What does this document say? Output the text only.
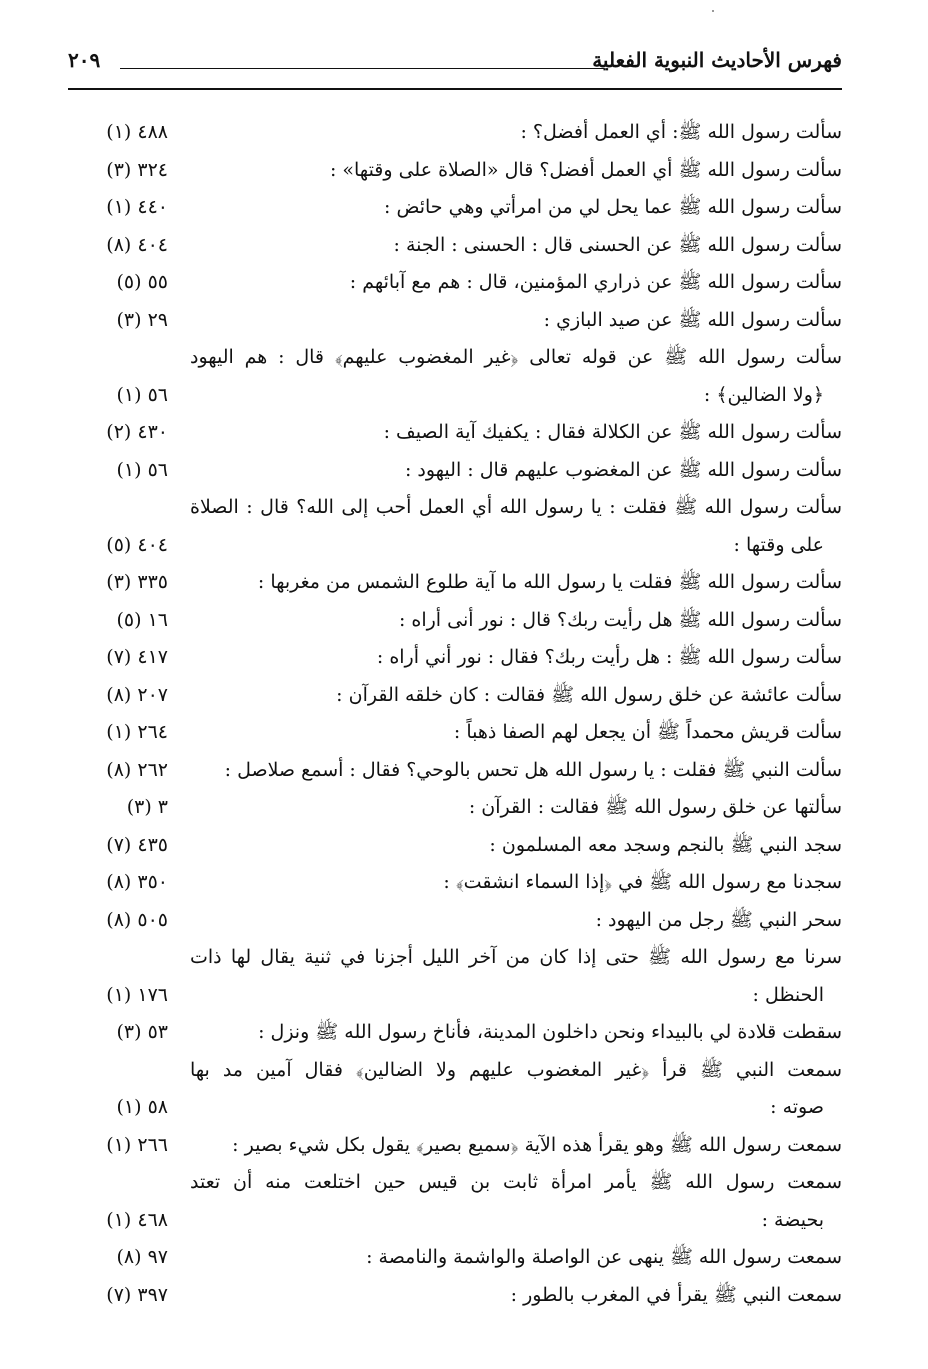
فهرس الأحاديث النبوية الفعلية
٢٠٩
سألت رسول الله ﷺ: أي العمل أفضل؟ :
٤٨٨ (١)
سألت رسول الله ﷺ أي العمل أفضل؟ قال «الصلاة على وقتها» :
٣٢٤ (٣)
سألت رسول الله ﷺ عما يحل لي من امرأتي وهي حائض :
٤٤٠ (١)
سألت رسول الله ﷺ عن الحسنى قال : الحسنى : الجنة :
٤٠٤ (٨)
سألت رسول الله ﷺ عن ذراري المؤمنين، قال : هم مع آبائهم :
٥٥ (٥)
سألت رسول الله ﷺ عن صيد البازي :
٢٩ (٣)
سألت رسول الله ﷺ عن قوله تعالى ﴿غير المغضوب عليهم﴾ قال : هم اليهود
﴿ولا الضالين﴾ :
٥٦ (١)
سألت رسول الله ﷺ عن الكلالة فقال : يكفيك آية الصيف :
٤٣٠ (٢)
سألت رسول الله ﷺ عن المغضوب عليهم قال : اليهود :
٥٦ (١)
سألت رسول الله ﷺ فقلت : يا رسول الله أي العمل أحب إلى الله؟ قال : الصلاة
على وقتها :
٤٠٤ (٥)
سألت رسول الله ﷺ فقلت يا رسول الله ما آية طلوع الشمس من مغربها :
٣٣٥ (٣)
سألت رسول الله ﷺ هل رأيت ربك؟ قال : نور أنى أراه :
١٦ (٥)
سألت رسول الله ﷺ : هل رأيت ربك؟ فقال : نور أني أراه :
٤١٧ (٧)
سألت عائشة عن خلق رسول الله ﷺ فقالت : كان خلقه القرآن :
٢٠٧ (٨)
سألت قريش محمداً ﷺ أن يجعل لهم الصفا ذهباً :
٢٦٤ (١)
سألت النبي ﷺ فقلت : يا رسول الله هل تحس بالوحي؟ فقال : أسمع صلاصل :
٢٦٢ (٨)
سألتها عن خلق رسول الله ﷺ فقالت : القرآن :
٣ (٣)
سجد النبي ﷺ بالنجم وسجد معه المسلمون :
٤٣٥ (٧)
سجدنا مع رسول الله ﷺ في ﴿إذا السماء انشقت﴾ :
٣٥٠ (٨)
سحر النبي ﷺ رجل من اليهود :
٥٠٥ (٨)
سرنا مع رسول الله ﷺ حتى إذا كان من آخر الليل أجزنا في ثنية يقال لها ذات
الحنظل :
١٧٦ (١)
سقطت قلادة لي بالبيداء ونحن داخلون المدينة، فأناخ رسول الله ﷺ ونزل :
٥٣ (٣)
سمعت النبي ﷺ قرأ ﴿غير المغضوب عليهم ولا الضالين﴾ فقال آمين مد بها
صوته :
٥٨ (١)
سمعت رسول الله ﷺ وهو يقرأ هذه الآية ﴿سميع بصير﴾ يقول بكل شيء بصير :
٢٦٦ (١)
سمعت رسول الله ﷺ يأمر امرأة ثابت بن قيس حين اختلعت منه أن تعتد
بحيضة :
٤٦٨ (١)
سمعت رسول الله ﷺ ينهى عن الواصلة والواشمة والنامصة :
٩٧ (٨)
سمعت النبي ﷺ يقرأ في المغرب بالطور :
٣٩٧ (٧)
